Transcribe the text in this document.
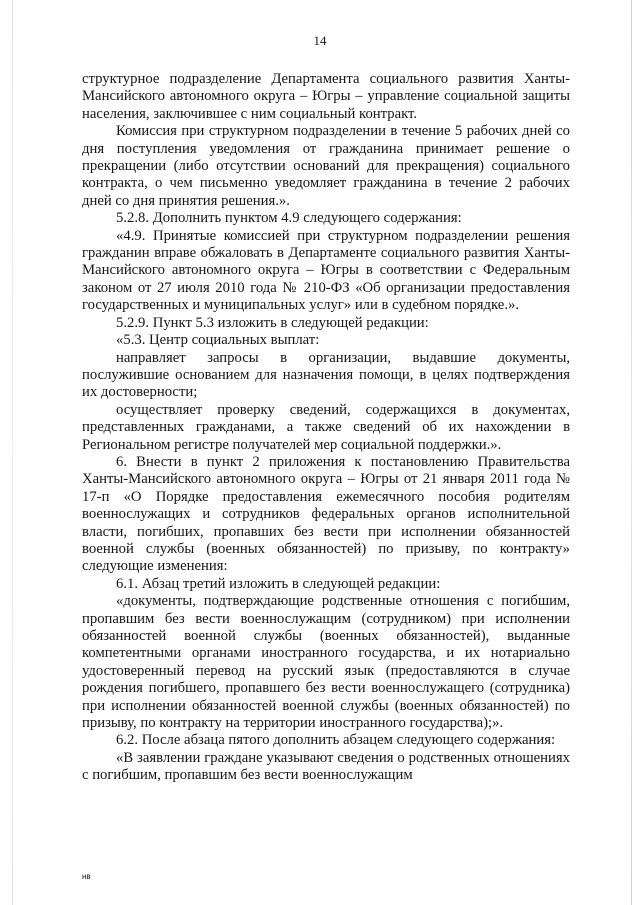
14

структурное подразделение Департамента социального развития Ханты-Мансийского автономного округа – Югры – управление социальной защиты населения, заключившее с ним социальный контракт.

Комиссия при структурном подразделении в течение 5 рабочих дней со дня поступления уведомления от гражданина принимает решение о прекращении (либо отсутствии оснований для прекращения) социального контракта, о чем письменно уведомляет гражданина в течение 2 рабочих дней со дня принятия решения.».

5.2.8. Дополнить пунктом 4.9 следующего содержания:

«4.9. Принятые комиссией при структурном подразделении решения гражданин вправе обжаловать в Департаменте социального развития Ханты-Мансийского автономного округа – Югры в соответствии с Федеральным законом от 27 июля 2010 года № 210-ФЗ «Об организации предоставления государственных и муниципальных услуг» или в судебном порядке.».

5.2.9. Пункт 5.3 изложить в следующей редакции:

«5.3. Центр социальных выплат:

направляет запросы в организации, выдавшие документы, послужившие основанием для назначения помощи, в целях подтверждения их достоверности;

осуществляет проверку сведений, содержащихся в документах, представленных гражданами, а также сведений об их нахождении в Региональном регистре получателей мер социальной поддержки.».

6. Внести в пункт 2 приложения к постановлению Правительства Ханты-Мансийского автономного округа – Югры от 21 января 2011 года № 17-п «О Порядке предоставления ежемесячного пособия родителям военнослужащих и сотрудников федеральных органов исполнительной власти, погибших, пропавших без вести при исполнении обязанностей военной службы (военных обязанностей) по призыву, по контракту» следующие изменения:

6.1. Абзац третий изложить в следующей редакции:

«документы, подтверждающие родственные отношения с погибшим, пропавшим без вести военнослужащим (сотрудником) при исполнении обязанностей военной службы (военных обязанностей), выданные компетентными органами иностранного государства, и их нотариально удостоверенный перевод на русский язык (предоставляются в случае рождения погибшего, пропавшего без вести военнослужащего (сотрудника) при исполнении обязанностей военной службы (военных обязанностей) по призыву, по контракту на территории иностранного государства);».

6.2. После абзаца пятого дополнить абзацем следующего содержания:

«В заявлении граждане указывают сведения о родственных отношениях с погибшим, пропавшим без вести военнослужащим

нв
